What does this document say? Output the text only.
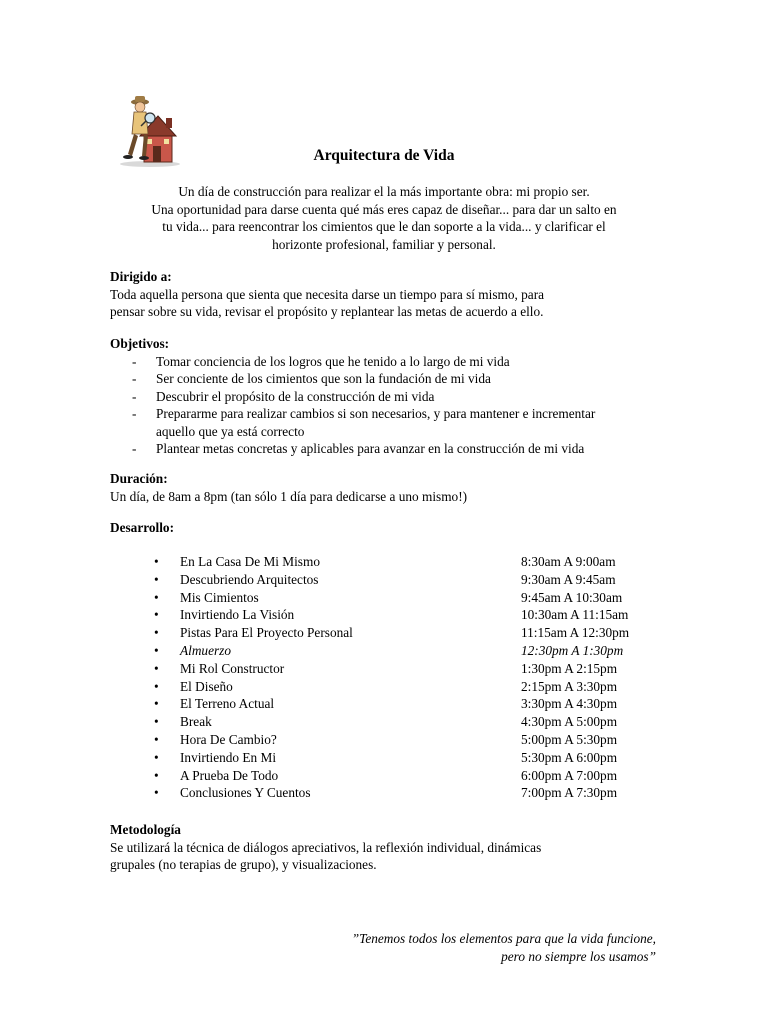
Arquitectura de Vida
Un día de construcción para realizar el la más importante obra: mi propio ser.
Una oportunidad para darse cuenta qué más eres capaz de diseñar... para dar un salto en
tu vida... para reencontrar los cimientos que le dan soporte a la vida... y clarificar el
horizonte profesional, familiar y personal.
Dirigido a:
Toda aquella persona que sienta que necesita darse un tiempo para sí mismo, para
pensar sobre su vida, revisar el propósito y replantear las metas de acuerdo a ello.
Objetivos:
- Tomar conciencia de los logros que he tenido a lo largo de mi vida
- Ser conciente de los cimientos que son la fundación de mi vida
- Descubrir el propósito de la construcción de mi vida
- Prepararme para realizar cambios si son necesarios, y para mantener e incrementar aquello que ya está correcto
- Plantear metas concretas y aplicables para avanzar en la construcción de mi vida
Duración:
Un día, de 8am a 8pm (tan sólo 1 día para dedicarse a uno mismo!)
Desarrollo:
• En La Casa De Mi Mismo	8:30am A 9:00am
• Descubriendo Arquitectos	9:30am A 9:45am
• Mis Cimientos	9:45am A 10:30am
• Invirtiendo La Visión	10:30am A 11:15am
• Pistas Para El Proyecto Personal	11:15am A 12:30pm
• Almuerzo	12:30pm A 1:30pm
• Mi Rol Constructor	1:30pm A 2:15pm
• El Diseño	2:15pm A 3:30pm
• El Terreno Actual	3:30pm A 4:30pm
• Break	4:30pm A 5:00pm
• Hora De Cambio?	5:00pm A 5:30pm
• Invirtiendo En Mi	5:30pm A 6:00pm
• A Prueba De Todo	6:00pm A 7:00pm
• Conclusiones Y Cuentos	7:00pm A 7:30pm
Metodología
Se utilizará la técnica de diálogos apreciativos, la reflexión individual, dinámicas
grupales (no terapias de grupo), y visualizaciones.
”Tenemos todos los elementos para que la vida funcione,
pero no siempre los usamos”
